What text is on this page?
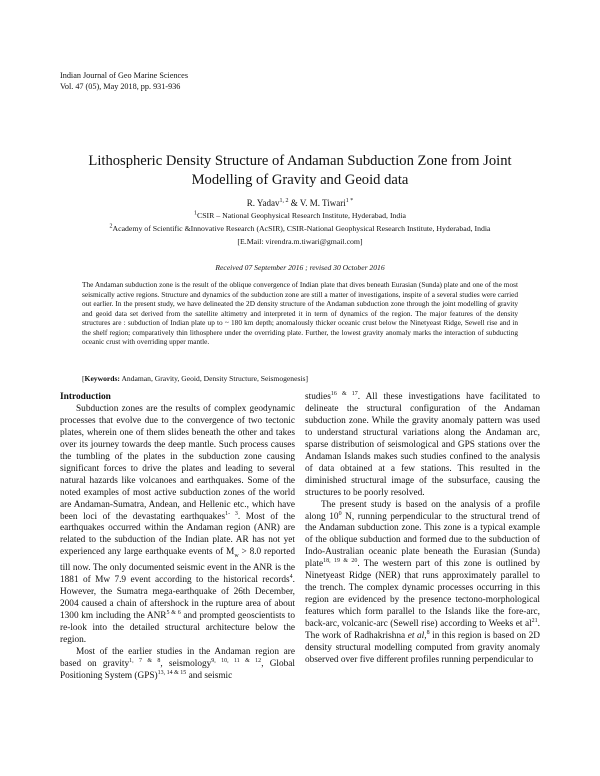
Indian Journal of Geo Marine Sciences
Vol. 47 (05), May 2018, pp. 931-936
Lithospheric Density Structure of Andaman Subduction Zone from Joint
Modelling of Gravity and Geoid data
R. Yadav$^{1, 2}$ & V. M. Tiwari$^{1 *}$
$^1$CSIR – National Geophysical Research Institute, Hyderabad, India
$^2$Academy of Scientific &Innovative Research (AcSIR), CSIR-National Geophysical Research Institute, Hyderabad, India
[E.Mail: virendra.m.tiwari@gmail.com]
Received 07 September 2016 ; revised 30 October 2016
The Andaman subduction zone is the result of the oblique convergence of Indian plate that dives beneath Eurasian (Sunda) plate and one of the most seismically active regions. Structure and dynamics of the subduction zone are still a matter of investigations, inspite of a several studies were carried out earlier. In the present study, we have delineated the 2D density structure of the Andaman subduction zone through the joint modelling of gravity and geoid data set derived from the satellite altimetry and interpreted it in term of dynamics of the region. The major features of the density structures are : subduction of Indian plate up to ~ 180 km depth; anomalously thicker oceanic crust below the Ninetyeast Ridge, Sewell rise and in the shelf region; comparatively thin lithosphere under the overriding plate. Further, the lowest gravity anomaly marks the interaction of subducting oceanic crust with overriding upper mantle.
[Keywords: Andaman, Gravity, Geoid, Density Structure, Seismogenesis]
Introduction

Subduction zones are the results of complex geodynamic processes that evolve due to the convergence of two tectonic plates, wherein one of them slides beneath the other and takes over its journey towards the deep mantle. Such process causes the tumbling of the plates in the subduction zone causing significant forces to drive the plates and leading to several natural hazards like volcanoes and earthquakes. Some of the noted examples of most active subduction zones of the world are Andaman-Sumatra, Andean, and Hellenic etc., which have been loci of the devastating earthquakes$^{1- 3}$. Most of the earthquakes occurred within the Andaman region (ANR) are related to the subduction of the Indian plate. AR has not yet experienced any large earthquake events of $M_w > 8.0$ reported till now. The only documented seismic event in the ANR is the 1881 of Mw 7.9 event according to the historical records$^4$. However, the Sumatra mega-earthquake of 26th December, 2004 caused a chain of aftershock in the rupture area of about 1300 km including the $ANR^{5 \& 6}$ and prompted geoscientists to re-look into the detailed structural architecture below the region.

Most of the earlier studies in the Andaman region are based on gravity$^{1, 7 \& 8}$, seismology$^{9, 10, 11 \& 12}$, Global Positioning System (GPS)$^{13, 14 \& 15}$ and seismic

studies$^{16 \& 17}$. All these investigations have facilitated to delineate the structural configuration of the Andaman subduction zone. While the gravity anomaly pattern was used to understand structural variations along the Andaman arc, sparse distribution of seismological and GPS stations over the Andaman Islands makes such studies confined to the analysis of data obtained at a few stations. This resulted in the diminished structural image of the subsurface, causing the structures to be poorly resolved.

The present study is based on the analysis of a profile along $10^0$ N, running perpendicular to the structural trend of the Andaman subduction zone. This zone is a typical example of the oblique subduction and formed due to the subduction of Indo-Australian oceanic plate beneath the Eurasian (Sunda) plate$^{18, 19 \& 20}$. The western part of this zone is outlined by Ninetyeast Ridge (NER) that runs approximately parallel to the trench. The complex dynamic processes occurring in this region are evidenced by the presence tectono-morphological features which form parallel to the Islands like the fore-arc, back-arc, volcanic-arc (Sewell rise) according to Weeks et $al^{21}$. The work of Radhakrishna et al,$^8$ in this region is based on 2D density structural modelling computed from gravity anomaly observed over five different profiles running perpendicular to
